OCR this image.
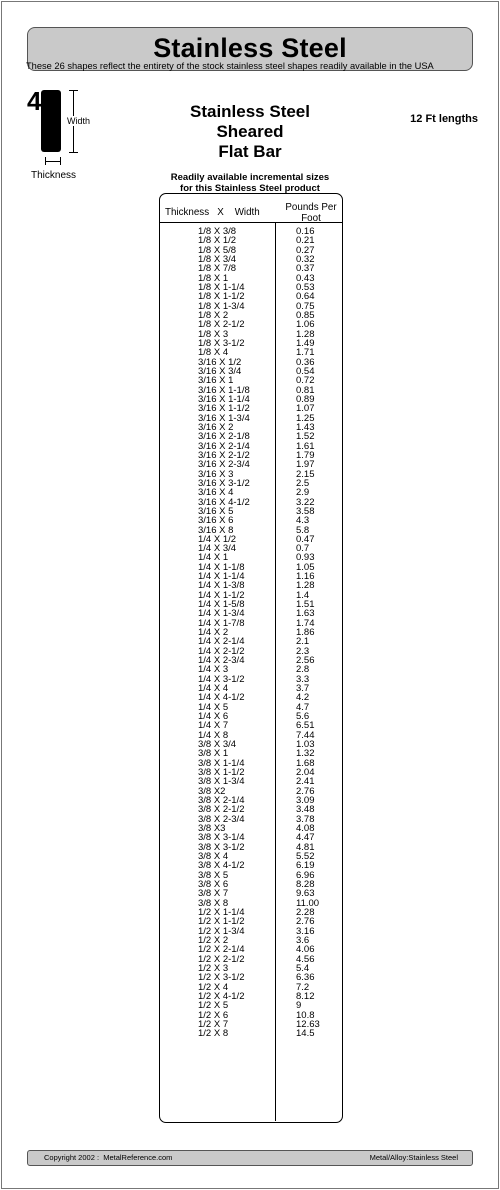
Stainless Steel
These 26 shapes reflect the entirety of the stock stainless steel shapes readily available in the USA
4
Width
Thickness
Stainless Steel
Sheared
Flat Bar
12 Ft lengths
Readily available incremental sizes
for this Stainless Steel product
Thickness   X    Width	Pounds Per
Foot
1/8 X 3/8	0.16
1/8 X 1/2	0.21
1/8 X 5/8	0.27
1/8 X 3/4	0.32
1/8 X 7/8	0.37
1/8 X 1	0.43
1/8 X 1-1/4	0.53
1/8 X 1-1/2	0.64
1/8 X 1-3/4	0.75
1/8 X 2	0.85
1/8 X 2-1/2	1.06
1/8 X 3	1.28
1/8 X 3-1/2	1.49
1/8 X 4	1.71
3/16 X 1/2	0.36
3/16 X 3/4	0.54
3/16 X 1	0.72
3/16 X 1-1/8	0.81
3/16 X 1-1/4	0.89
3/16 X 1-1/2	1.07
3/16 X 1-3/4	1.25
3/16 X 2	1.43
3/16 X 2-1/8	1.52
3/16 X 2-1/4	1.61
3/16 X 2-1/2	1.79
3/16 X 2-3/4	1.97
3/16 X 3	2.15
3/16 X 3-1/2	2.5
3/16 X 4	2.9
3/16 X 4-1/2	3.22
3/16 X 5	3.58
3/16 X 6	4.3
3/16 X 8	5.8
1/4 X 1/2	0.47
1/4 X 3/4	0.7
1/4 X 1	0.93
1/4 X 1-1/8	1.05
1/4 X 1-1/4	1.16
1/4 X 1-3/8	1.28
1/4 X 1-1/2	1.4
1/4 X 1-5/8	1.51
1/4 X 1-3/4	1.63
1/4 X 1-7/8	1.74
1/4 X 2	1.86
1/4 X 2-1/4	2.1
1/4 X 2-1/2	2.3
1/4 X 2-3/4	2.56
1/4 X 3	2.8
1/4 X 3-1/2	3.3
1/4 X 4	3.7
1/4 X 4-1/2	4.2
1/4 X 5	4.7
1/4 X 6	5.6
1/4 X 7	6.51
1/4 X 8	7.44
3/8 X 3/4	1.03
3/8 X 1	1.32
3/8 X 1-1/4	1.68
3/8 X 1-1/2	2.04
3/8 X 1-3/4	2.41
3/8 X2	2.76
3/8 X 2-1/4	3.09
3/8 X 2-1/2	3.48
3/8 X 2-3/4	3.78
3/8 X3	4.08
3/8 X 3-1/4	4.47
3/8 X 3-1/2	4.81
3/8 X 4	5.52
3/8 X 4-1/2	6.19
3/8 X 5	6.96
3/8 X 6	8.28
3/8 X 7	9.63
3/8 X 8	11.00
1/2 X 1-1/4	2.28
1/2 X 1-1/2	2.76
1/2 X 1-3/4	3.16
1/2 X 2	3.6
1/2 X 2-1/4	4.06
1/2 X 2-1/2	4.56
1/2 X 3	5.4
1/2 X 3-1/2	6.36
1/2 X 4	7.2
1/2 X 4-1/2	8.12
1/2 X 5	9
1/2 X 6	10.8
1/2 X 7	12.63
1/2 X 8	14.5
Copyright 2002 :  MetalReference.com	Metal/Alloy:Stainless Steel
